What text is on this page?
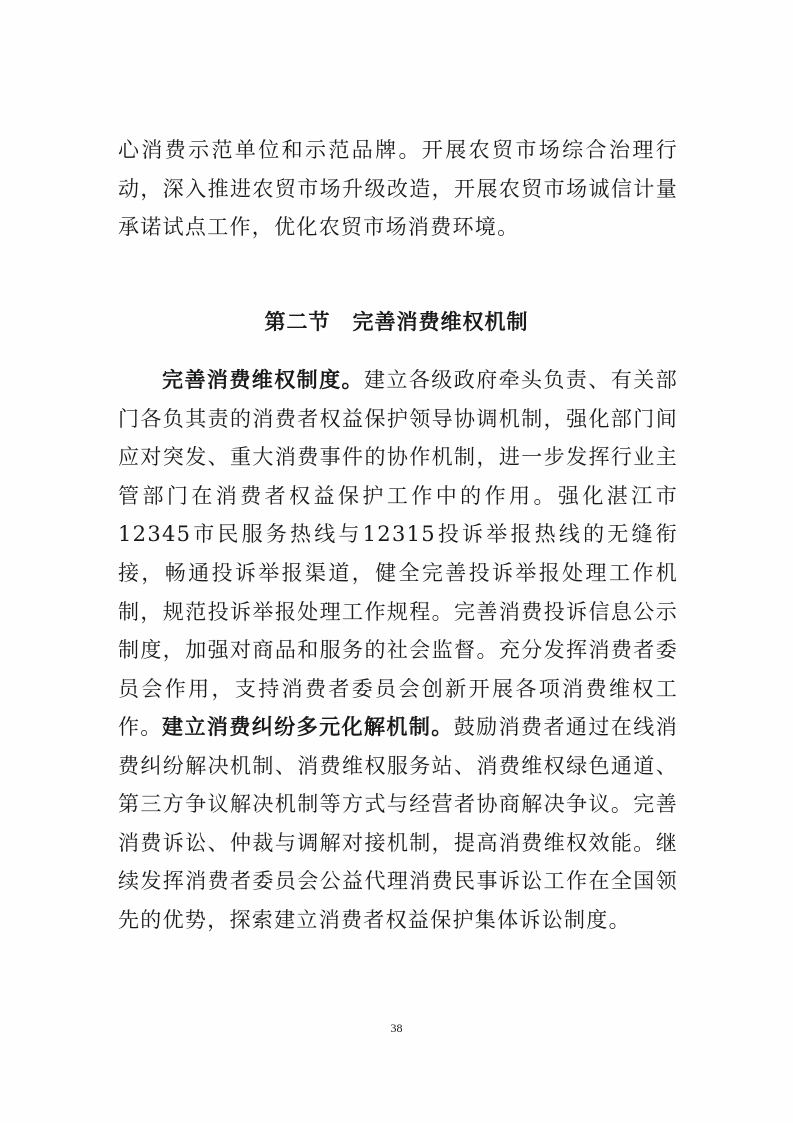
心消费示范单位和示范品牌。开展农贸市场综合治理行动，深入推进农贸市场升级改造，开展农贸市场诚信计量承诺试点工作，优化农贸市场消费环境。

第二节 完善消费维权机制

完善消费维权制度。建立各级政府牵头负责、有关部门各负其责的消费者权益保护领导协调机制，强化部门间应对突发、重大消费事件的协作机制，进一步发挥行业主管部门在消费者权益保护工作中的作用。强化湛江市12345市民服务热线与12315投诉举报热线的无缝衔接，畅通投诉举报渠道，健全完善投诉举报处理工作机制，规范投诉举报处理工作规程。完善消费投诉信息公示制度，加强对商品和服务的社会监督。充分发挥消费者委员会作用，支持消费者委员会创新开展各项消费维权工作。 建立消费纠纷多元化解机制。鼓励消费者通过在线消费纠纷解决机制、消费维权服务站、消费维权绿色通道、第三方争议解决机制等方式与经营者协商解决争议。完善消费诉讼、仲裁与调解对接机制，提高消费维权效能。继续发挥消费者委员会公益代理消费民事诉讼工作在全国领先的优势，探索建立消费者权益保护集体诉讼制度。

38
